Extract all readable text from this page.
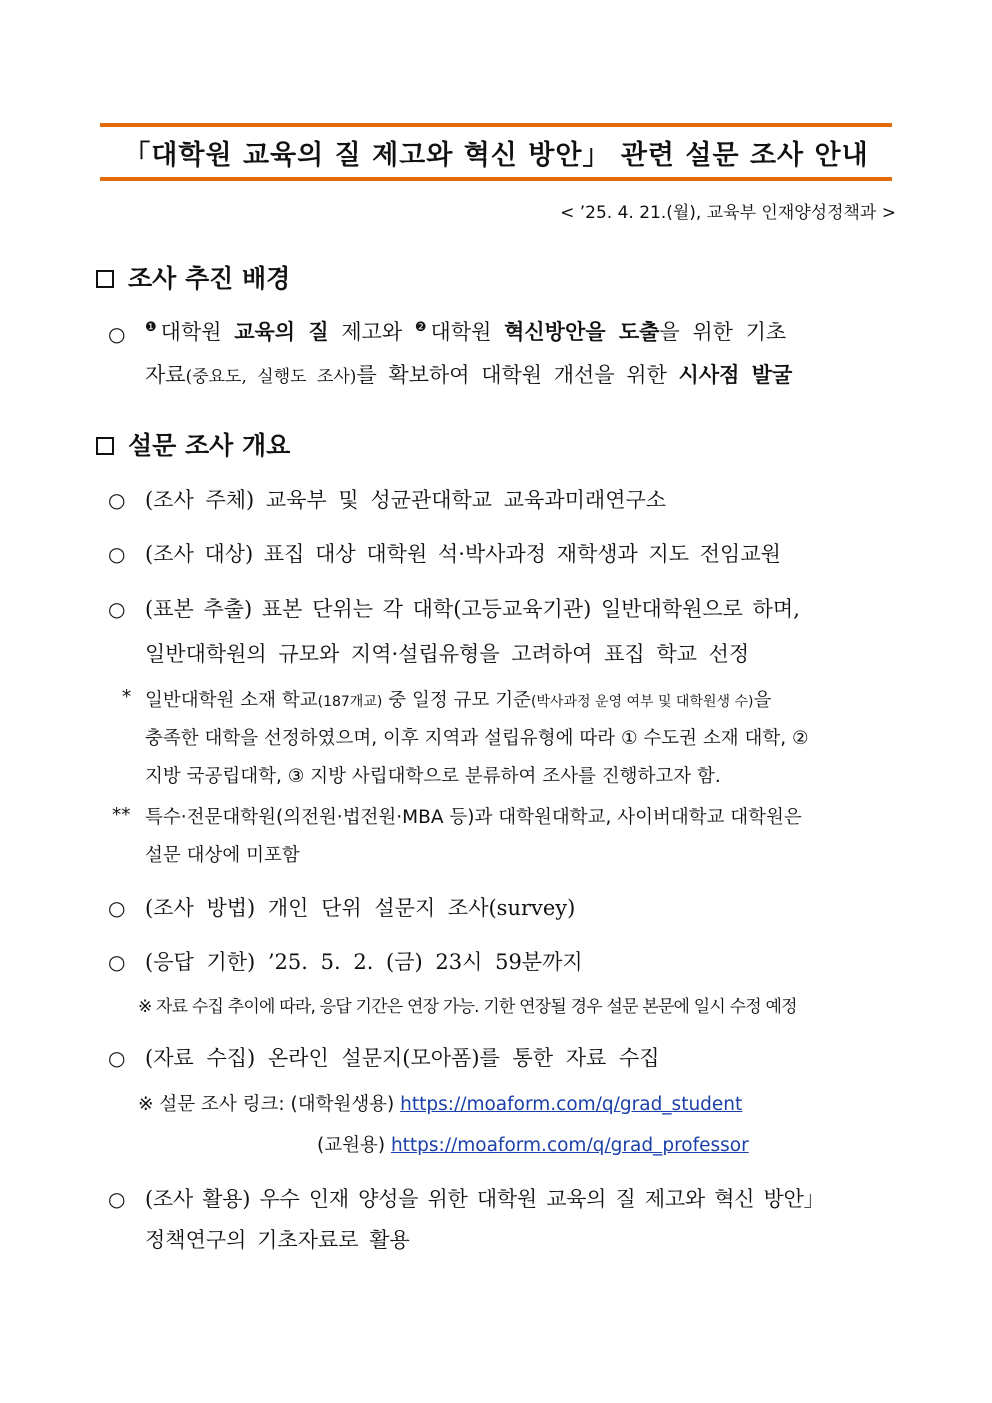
「대학원 교육의 질 제고와 혁신 방안」 관련 설문 조사 안내
< ’25. 4. 21.(월), 교육부 인재양성정책과 >
조사 추진 배경
○ $^❶$ 대학원 교육의 질 제고와 $^❷$ 대학원 혁신방안을 도출을 위한 기초
자료(중요도, 실행도 조사)를 확보하여 대학원 개선을 위한 시사점 발굴
설문 조사 개요
○ (조사 주체) 교육부 및 성균관대학교 교육과미래연구소
○ (조사 대상) 표집 대상 대학원 석·박사과정 재학생과 지도 전임교원
○ (표본 추출) 표본 단위는 각 대학(고등교육기관) 일반대학원으로 하며,
일반대학원의 규모와 지역·설립유형을 고려하여 표집 학교 선정
* 일반대학원 소재 학교(187개교) 중 일정 규모 기준(박사과정 운영 여부 및 대학원생 수)을
충족한 대학을 선정하였으며, 이후 지역과 설립유형에 따라 ① 수도권 소재 대학, ②
지방 국공립대학, ③ 지방 사립대학으로 분류하여 조사를 진행하고자 함.
** 특수·전문대학원(의전원·법전원·MBA 등)과 대학원대학교, 사이버대학교 대학원은
설문 대상에 미포함
○ (조사 방법) 개인 단위 설문지 조사(survey)
○ (응답 기한) ’25. 5. 2. (금) 23시 59분까지
※ 자료 수집 추이에 따라, 응답 기간은 연장 가능. 기한 연장될 경우 설문 본문에 일시 수정 예정
○ (자료 수집) 온라인 설문지(모아폼)를 통한 자료 수집
※ 설문 조사 링크: (대학원생용) https://moaform.com/q/grad_student
(교원용) https://moaform.com/q/grad_professor
○ (조사 활용) 우수 인재 양성을 위한 대학원 교육의 질 제고와 혁신 방안」
정책연구의 기초자료로 활용
